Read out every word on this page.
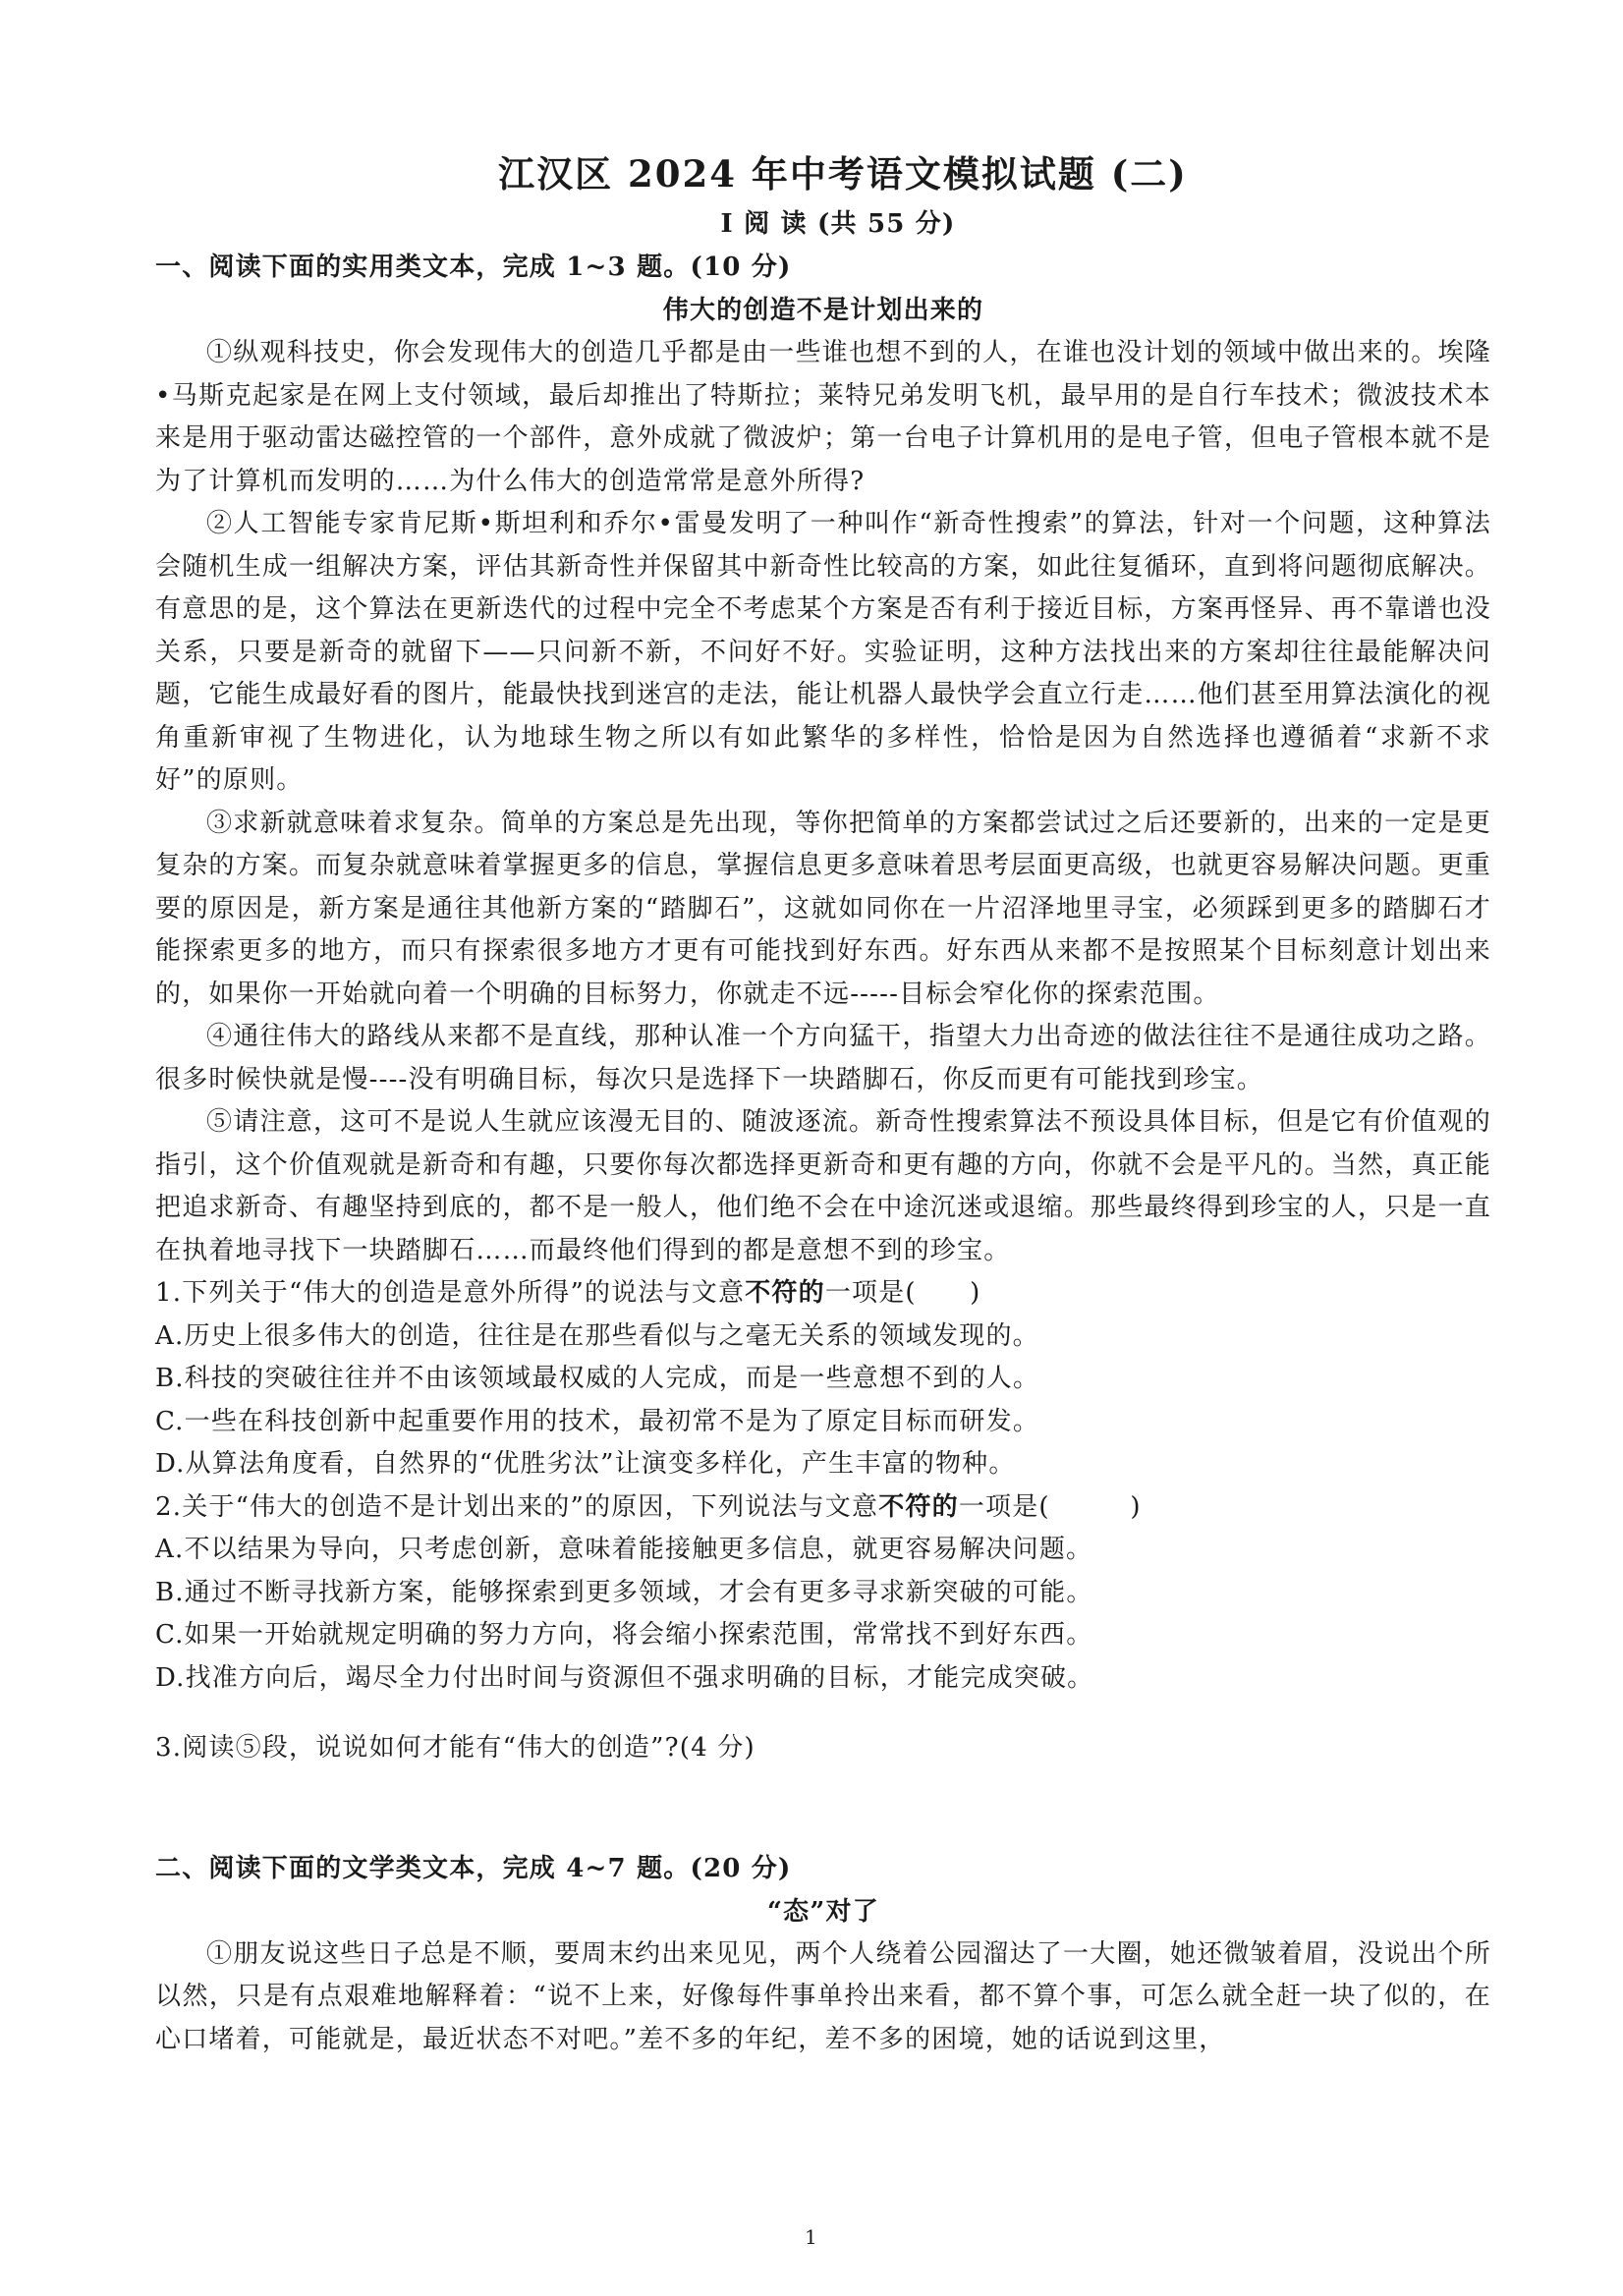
江汉区 2024 年中考语文模拟试题 (二)
Ⅰ 阅 读 (共 55 分)
一、阅读下面的实用类文本，完成 1~3 题。(10 分)
伟大的创造不是计划出来的

①纵观科技史，你会发现伟大的创造几乎都是由一些谁也想不到的人，在谁也没计划的领域中做出来的。埃隆•马斯克起家是在网上支付领域，最后却推出了特斯拉；莱特兄弟发明飞机，最早用的是自行车技术；微波技术本来是用于驱动雷达磁控管的一个部件，意外成就了微波炉；第一台电子计算机用的是电子管，但电子管根本就不是为了计算机而发明的……为什么伟大的创造常常是意外所得?

②人工智能专家肯尼斯•斯坦利和乔尔•雷曼发明了一种叫作“新奇性搜索”的算法，针对一个问题，这种算法会随机生成一组解决方案，评估其新奇性并保留其中新奇性比较高的方案，如此往复循环，直到将问题彻底解决。有意思的是，这个算法在更新迭代的过程中完全不考虑某个方案是否有利于接近目标，方案再怪异、再不靠谱也没关系，只要是新奇的就留下——只问新不新，不问好不好。实验证明，这种方法找出来的方案却往往最能解决问题，它能生成最好看的图片，能最快找到迷宫的走法，能让机器人最快学会直立行走……他们甚至用算法演化的视角重新审视了生物进化，认为地球生物之所以有如此繁华的多样性，恰恰是因为自然选择也遵循着“求新不求好”的原则。

③求新就意味着求复杂。简单的方案总是先出现，等你把简单的方案都尝试过之后还要新的，出来的一定是更复杂的方案。而复杂就意味着掌握更多的信息，掌握信息更多意味着思考层面更高级，也就更容易解决问题。更重要的原因是，新方案是通往其他新方案的“踏脚石”，这就如同你在一片沼泽地里寻宝，必须踩到更多的踏脚石才能探索更多的地方，而只有探索很多地方才更有可能找到好东西。好东西从来都不是按照某个目标刻意计划出来的，如果你一开始就向着一个明确的目标努力，你就走不远-----目标会窄化你的探索范围。

④通往伟大的路线从来都不是直线，那种认准一个方向猛干，指望大力出奇迹的做法往往不是通往成功之路。很多时候快就是慢----没有明确目标，每次只是选择下一块踏脚石，你反而更有可能找到珍宝。

⑤请注意，这可不是说人生就应该漫无目的、随波逐流。新奇性搜索算法不预设具体目标，但是它有价值观的指引，这个价值观就是新奇和有趣，只要你每次都选择更新奇和更有趣的方向，你就不会是平凡的。当然，真正能把追求新奇、有趣坚持到底的，都不是一般人，他们绝不会在中途沉迷或退缩。那些最终得到珍宝的人，只是一直在执着地寻找下一块踏脚石……而最终他们得到的都是意想不到的珍宝。

1.下列关于“伟大的创造是意外所得”的说法与文意不符的一项是(　　)

A.历史上很多伟大的创造，往往是在那些看似与之毫无关系的领域发现的。

B.科技的突破往往并不由该领域最权威的人完成，而是一些意想不到的人。

C.一些在科技创新中起重要作用的技术，最初常不是为了原定目标而研发。

D.从算法角度看，自然界的“优胜劣汰”让演变多样化，产生丰富的物种。

2.关于“伟大的创造不是计划出来的”的原因，下列说法与文意不符的一项是(　　　)

A.不以结果为导向，只考虑创新，意味着能接触更多信息，就更容易解决问题。

B.通过不断寻找新方案，能够探索到更多领域，才会有更多寻求新突破的可能。

C.如果一开始就规定明确的努力方向，将会缩小探索范围，常常找不到好东西。

D.找准方向后，竭尽全力付出时间与资源但不强求明确的目标，才能完成突破。

3.阅读⑤段，说说如何才能有“伟大的创造”?(4 分)

二、阅读下面的文学类文本，完成 4~7 题。(20 分)
“态”对了

①朋友说这些日子总是不顺，要周末约出来见见，两个人绕着公园溜达了一大圈，她还微皱着眉，没说出个所以然，只是有点艰难地解释着：“说不上来，好像每件事单拎出来看，都不算个事，可怎么就全赶一块了似的，在心口堵着，可能就是，最近状态不对吧。”差不多的年纪，差不多的困境，她的话说到这里，

1
